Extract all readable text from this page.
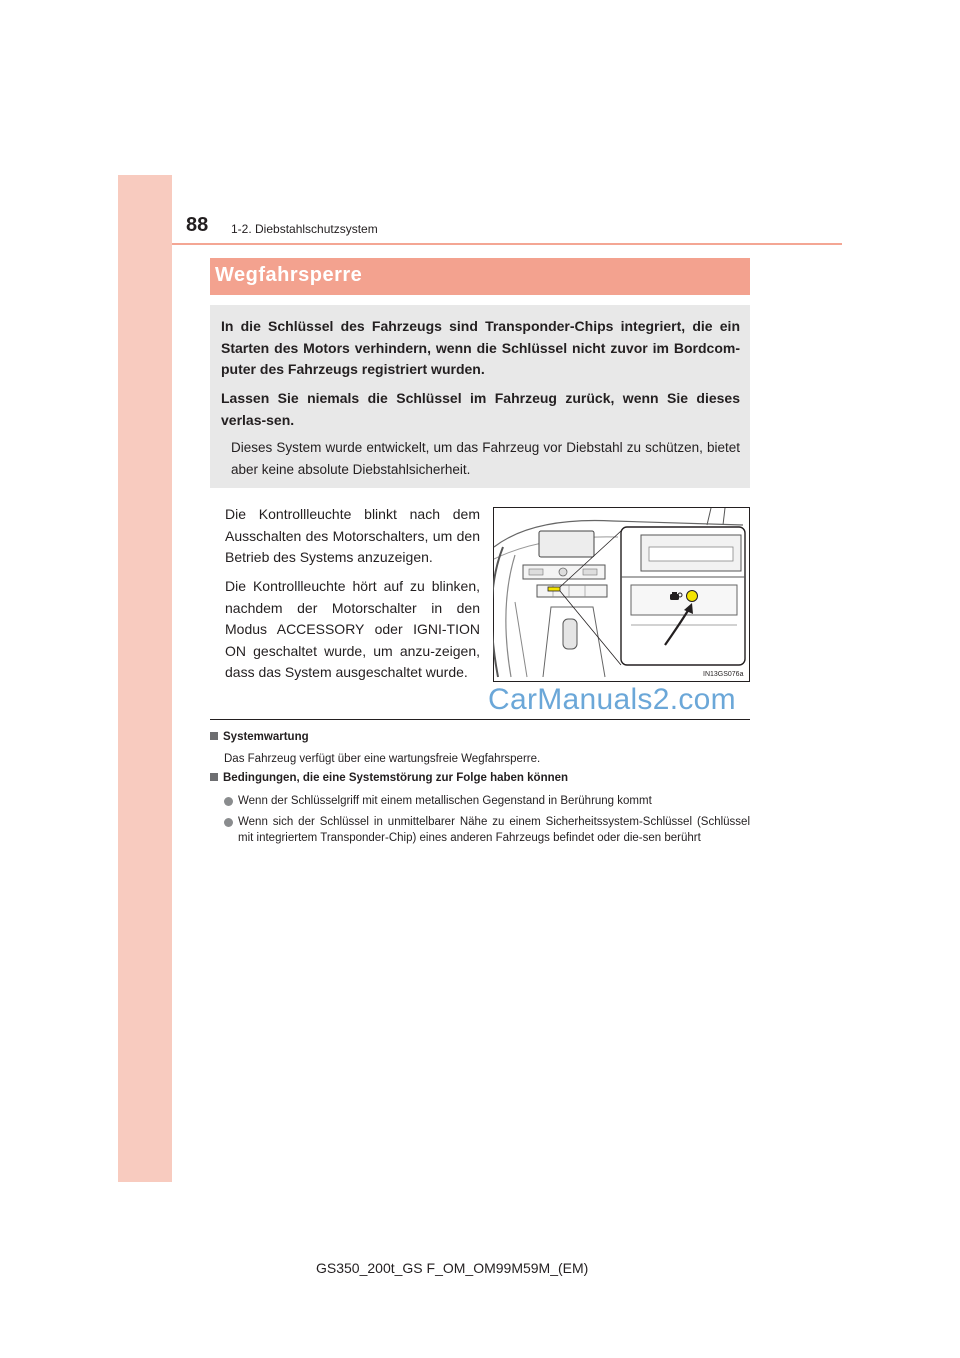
88 1-2. Diebstahlschutzsystem
Wegfahrsperre

In die Schlüssel des Fahrzeugs sind Transponder-Chips integriert, die ein Starten des Motors verhindern, wenn die Schlüssel nicht zuvor im Bordcom-puter des Fahrzeugs registriert wurden.

Lassen Sie niemals die Schlüssel im Fahrzeug zurück, wenn Sie dieses verlas-sen.

Dieses System wurde entwickelt, um das Fahrzeug vor Diebstahl zu schützen, bietet aber keine absolute Diebstahlsicherheit.

Die Kontrollleuchte blinkt nach dem Ausschalten des Motorschalters, um den Betrieb des Systems anzuzeigen.

Die Kontrollleuchte hört auf zu blinken, nachdem der Motorschalter in den Modus ACCESSORY oder IGNI-TION ON geschaltet wurde, um anzu-zeigen, dass das System ausgeschaltet wurde.	IN13GS076a
CarManuals2.com
Systemwartung

Das Fahrzeug verfügt über eine wartungsfreie Wegfahrsperre.

Bedingungen, die eine Systemstörung zur Folge haben können
Wenn der Schlüsselgriff mit einem metallischen Gegenstand in Berührung kommt
Wenn sich der Schlüssel in unmittelbarer Nähe zu einem Sicherheitssystem-Schlüssel (Schlüssel mit integriertem Transponder-Chip) eines anderen Fahrzeugs befindet oder die-sen berührt
GS350_200t_GS F_OM_OM99M59M_(EM)
